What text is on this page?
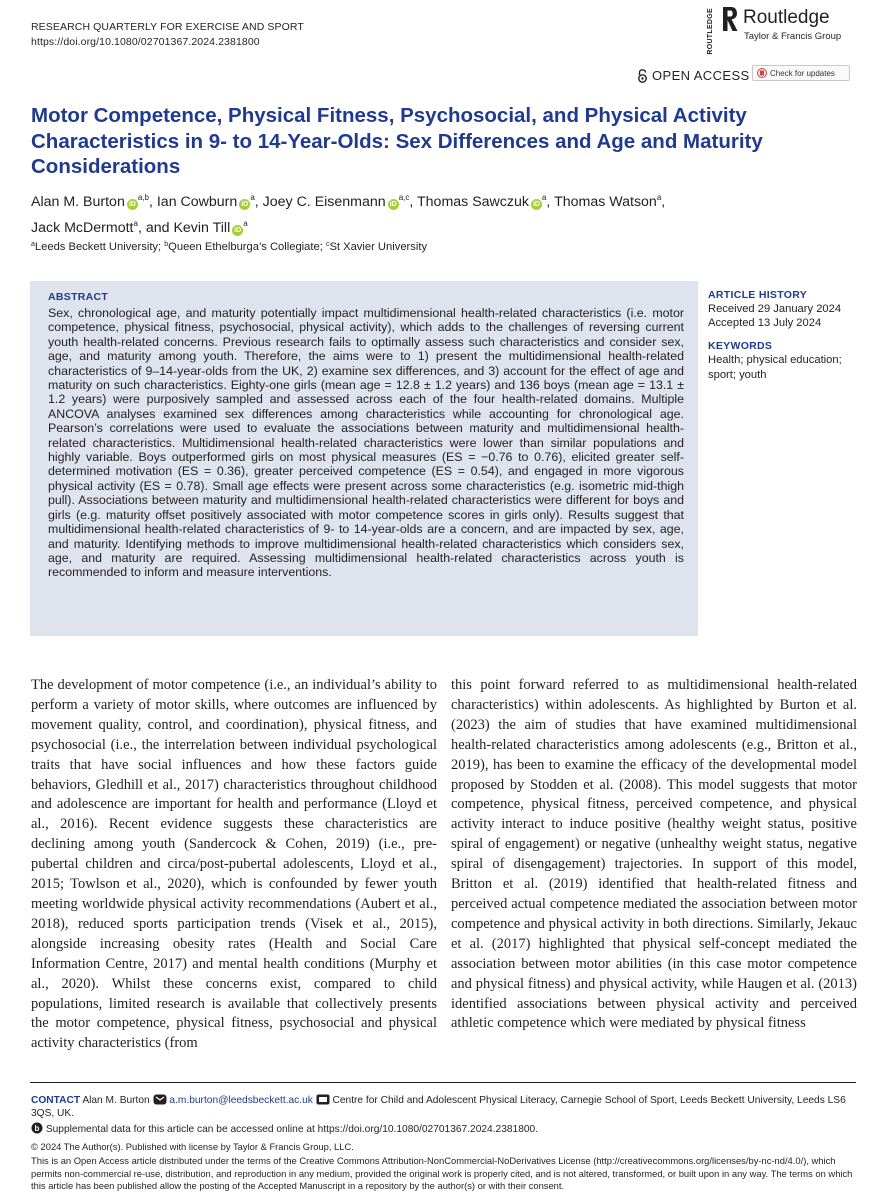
RESEARCH QUARTERLY FOR EXERCISE AND SPORT
https://doi.org/10.1080/02701367.2024.2381800	ROUTLEDGE Routledge
Taylor & Francis Group
OPEN ACCESS	Check for updates
Motor Competence, Physical Fitness, Psychosocial, and Physical Activity Characteristics in 9- to 14-Year-Olds: Sex Differences and Age and Maturity Considerations
Alan M. Burton iD$^{a,b}$, Ian Cowburn $iD^a$, Joey C. Eisenmann iD$^{a,c}$, Thomas Sawczuk $iD^a$, Thomas Watson$^a$,
Jack McDermott$^a$, and Kevin Till $iD^a$
$^a$Leeds Beckett University; $^b$Queen Ethelburga’s Collegiate; $^c$St Xavier University
ABSTRACT
Sex, chronological age, and maturity potentially impact multidimensional health-related characteristics (i.e. motor competence, physical fitness, psychosocial, physical activity), which adds to the challenges of reversing current youth health-related concerns. Previous research fails to optimally assess such characteristics and consider sex, age, and maturity among youth. Therefore, the aims were to 1) present the multidimensional health-related characteristics of 9–14-year-olds from the UK, 2) examine sex differences, and 3) account for the effect of age and maturity on such characteristics. Eighty-one girls (mean age = 12.8 ± 1.2 years) and 136 boys (mean age = 13.1 ± 1.2 years) were purposively sampled and assessed across each of the four health-related domains. Multiple ANCOVA analyses examined sex differences among characteristics while accounting for chronological age. Pearson’s correlations were used to evaluate the associations between maturity and multidimensional health-related characteristics. Multidimensional health-related characteristics were lower than similar populations and highly variable. Boys outperformed girls on most physical measures (ES = −0.76 to 0.76), elicited greater self-determined motivation (ES = 0.36), greater perceived competence (ES = 0.54), and engaged in more vigorous physical activity (ES = 0.78). Small age effects were present across some characteristics (e.g. isometric mid-thigh pull). Associations between maturity and multidimensional health-related characteristics were different for boys and girls (e.g. maturity offset positively associated with motor competence scores in girls only). Results suggest that multidimensional health-related characteristics of 9- to 14-year-olds are a concern, and are impacted by sex, age, and maturity. Identifying methods to improve multidimensional health-related characteristics which considers sex, age, and maturity are required. Assessing multidimensional health-related characteristics across youth is recommended to inform and measure interventions.
ARTICLE HISTORY
Received 29 January 2024
Accepted 13 July 2024
KEYWORDS
Health; physical education; sport; youth

The development of motor competence (i.e., an individual’s ability to perform a variety of motor skills, where outcomes are influenced by movement quality, control, and coordination), physical fitness, and psychosocial (i.e., the interrelation between individual psychological traits that have social influences and how these factors guide behaviors, Gledhill et al., 2017) characteristics throughout childhood and adolescence are important for health and performance (Lloyd et al., 2016). Recent evidence suggests these characteristics are declining among youth (Sandercock & Cohen, 2019) (i.e., pre-pubertal children and circa/post-pubertal adolescents, Lloyd et al., 2015; Towlson et al., 2020), which is confounded by fewer youth meeting worldwide physical activity recommendations (Aubert et al., 2018), reduced sports participation trends (Visek et al., 2015), alongside increasing obesity rates (Health and Social Care Information Centre, 2017) and mental health conditions (Murphy et al., 2020). Whilst these concerns exist, compared to child populations, limited research is available that collectively presents the motor competence, physical fitness, psychosocial and physical activity characteristics (from

this point forward referred to as multidimensional health-related characteristics) within adolescents. As highlighted by Burton et al. (2023) the aim of studies that have examined multidimensional health-related characteristics among adolescents (e.g., Britton et al., 2019), has been to examine the efficacy of the developmental model proposed by Stodden et al. (2008). This model suggests that motor competence, physical fitness, perceived competence, and physical activity interact to induce positive (healthy weight status, positive spiral of engagement) or negative (unhealthy weight status, negative spiral of disengagement) trajectories. In support of this model, Britton et al. (2019) identified that health-related fitness and perceived actual competence mediated the association between motor competence and physical activity in both directions. Similarly, Jekauc et al. (2017) highlighted that physical self-concept mediated the association between motor abilities (in this case motor competence and physical fitness) and physical activity, while Haugen et al. (2013) identified associations between physical activity and perceived athletic competence which were mediated by physical fitness

CONTACT Alan M. Burton a.m.burton@leedsbeckett.ac.uk Centre for Child and Adolescent Physical Literacy, Carnegie School of Sport, Leeds Beckett University, Leeds LS6 3QS, UK.
b Supplemental data for this article can be accessed online at https://doi.org/10.1080/02701367.2024.2381800.
© 2024 The Author(s). Published with license by Taylor & Francis Group, LLC.
This is an Open Access article distributed under the terms of the Creative Commons Attribution-NonCommercial-NoDerivatives License (http://creativecommons.org/licenses/by-nc-nd/4.0/), which permits non-commercial re-use, distribution, and reproduction in any medium, provided the original work is properly cited, and is not altered, transformed, or built upon in any way. The terms on which this article has been published allow the posting of the Accepted Manuscript in a repository by the author(s) or with their consent.
